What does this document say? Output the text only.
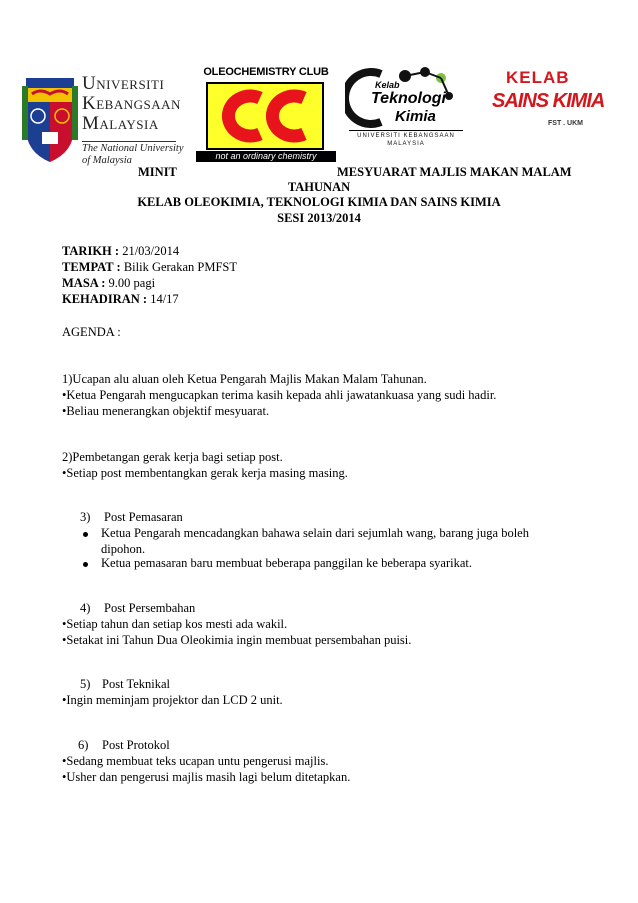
Universiti
Kebangsaan
Malaysia
The National University
of Malaysia
OLEOCHEMISTRY CLUB
not an ordinary chemistry
Kelab
Teknologi
Kimia
UNIVERSITI KEBANGSAAN
MALAYSIA
KELAB
SAINS KIMIA
FST . UKM
MINIT	MESYUARAT MAJLIS MAKAN MALAM
TAHUNAN
KELAB OLEOKIMIA, TEKNOLOGI KIMIA DAN SAINS KIMIA
SESI 2013/2014
TARIKH : 21/03/2014
TEMPAT : Bilik Gerakan PMFST
MASA : 9.00 pagi
KEHADIRAN : 14/17
AGENDA :
1)Ucapan alu aluan oleh Ketua Pengarah Majlis Makan Malam Tahunan.
•Ketua Pengarah mengucapkan terima kasih kepada ahli jawatankuasa yang sudi hadir.
•Beliau menerangkan objektif mesyuarat.
2)Pembetangan gerak kerja bagi setiap post.
•Setiap post membentangkan gerak kerja masing masing.
3) Post Pemasaran
Ketua Pengarah mencadangkan bahawa selain dari sejumlah wang, barang juga boleh
dipohon.
Ketua pemasaran baru membuat beberapa panggilan ke beberapa syarikat.
4) Post Persembahan
•Setiap tahun dan setiap kos mesti ada wakil.
•Setakat ini Tahun Dua Oleokimia ingin membuat persembahan puisi.
5) Post Teknikal
•Ingin meminjam projektor dan LCD 2 unit.
6) Post Protokol
•Sedang membuat teks ucapan untu pengerusi majlis.
•Usher dan pengerusi majlis masih lagi belum ditetapkan.
